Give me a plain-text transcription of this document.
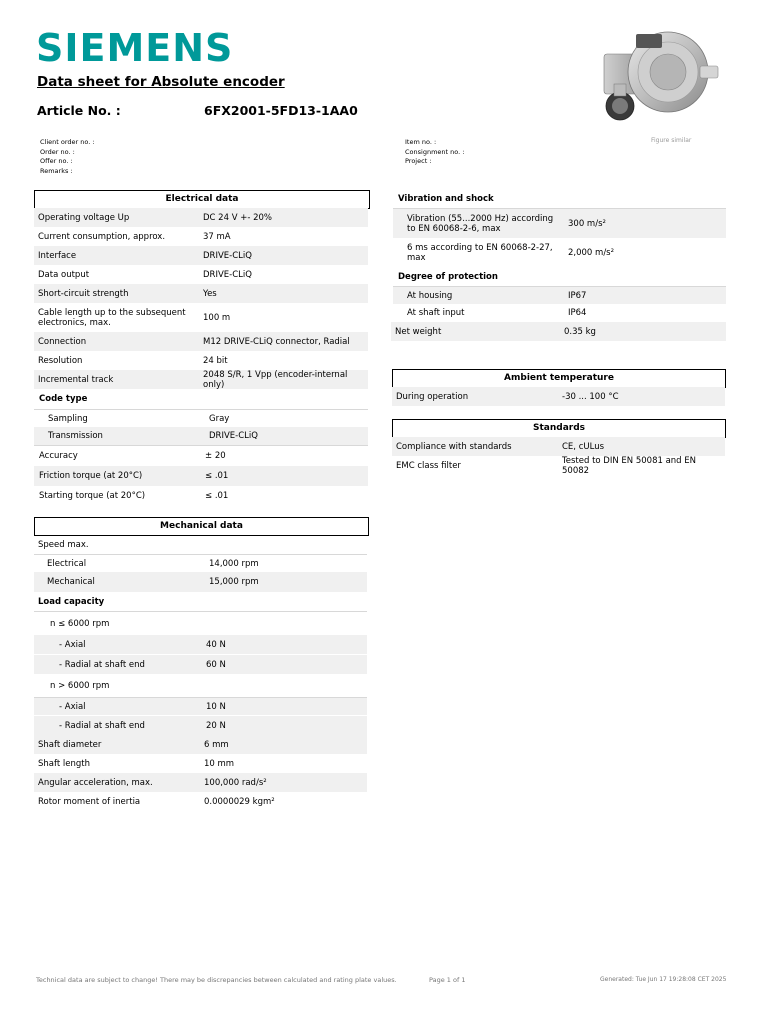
SIEMENS
Data sheet for Absolute encoder
Article No. :	6FX2001-5FD13-1AA0
Figure similar
Client order no. :
Order no. :
Offer no. :
Remarks :
Item no. :
Consignment no. :
Project :
Electrical data
Operating voltage Up	DC 24 V +- 20%
Current consumption, approx.	37 mA
Interface	DRIVE-CLiQ
Data output	DRIVE-CLiQ
Short-circuit strength	Yes
Cable length up to the subsequent electronics, max.	100 m
Connection	M12 DRIVE-CLiQ connector, Radial
Resolution	24 bit
Incremental track	2048 S/R, 1 Vpp (encoder-internal only)
Code type
Sampling	Gray
Transmission	DRIVE-CLiQ
Accuracy	± 20
Friction torque (at 20°C)	≤ .01
Starting torque (at 20°C)	≤ .01
Mechanical data
Speed max.
Electrical	14,000 rpm
Mechanical	15,000 rpm
Load capacity
n ≤ 6000 rpm
- Axial	40 N
- Radial at shaft end	60 N
n > 6000 rpm
- Axial	10 N
- Radial at shaft end	20 N
Shaft diameter	6 mm
Shaft length	10 mm
Angular acceleration, max.	100,000 rad/s²
Rotor moment of inertia	0.0000029 kgm²
Vibration and shock
Vibration (55...2000 Hz) according to EN 60068-2-6, max	300 m/s²
6 ms according to EN 60068-2-27, max	2,000 m/s²
Degree of protection
At housing	IP67
At shaft input	IP64
Net weight	0.35 kg
Ambient temperature
During operation	-30 ... 100 °C
Standards
Compliance with standards	CE, cULus
EMC class filter	Tested to DIN EN 50081 and EN 50082
Technical data are subject to change! There may be discrepancies between calculated and rating plate values.	Page 1 of 1	Generated: Tue Jun 17 19:28:08 CET 2025
